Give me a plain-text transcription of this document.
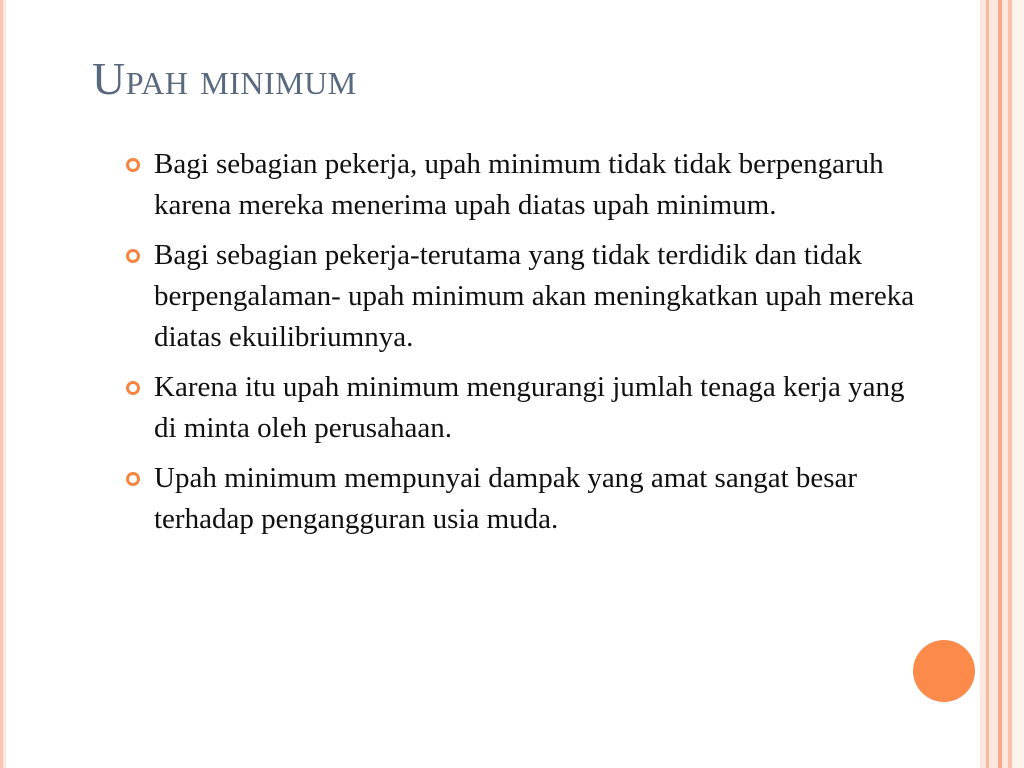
Upah minimum
Bagi sebagian pekerja, upah minimum tidak tidak berpengaruh karena mereka menerima upah diatas upah minimum.
Bagi sebagian pekerja-terutama yang tidak terdidik dan tidak berpengalaman- upah minimum akan meningkatkan upah mereka diatas ekuilibriumnya.
Karena itu upah minimum mengurangi jumlah tenaga kerja yang di minta oleh perusahaan.
Upah minimum mempunyai dampak yang amat sangat besar terhadap pengangguran usia muda.
